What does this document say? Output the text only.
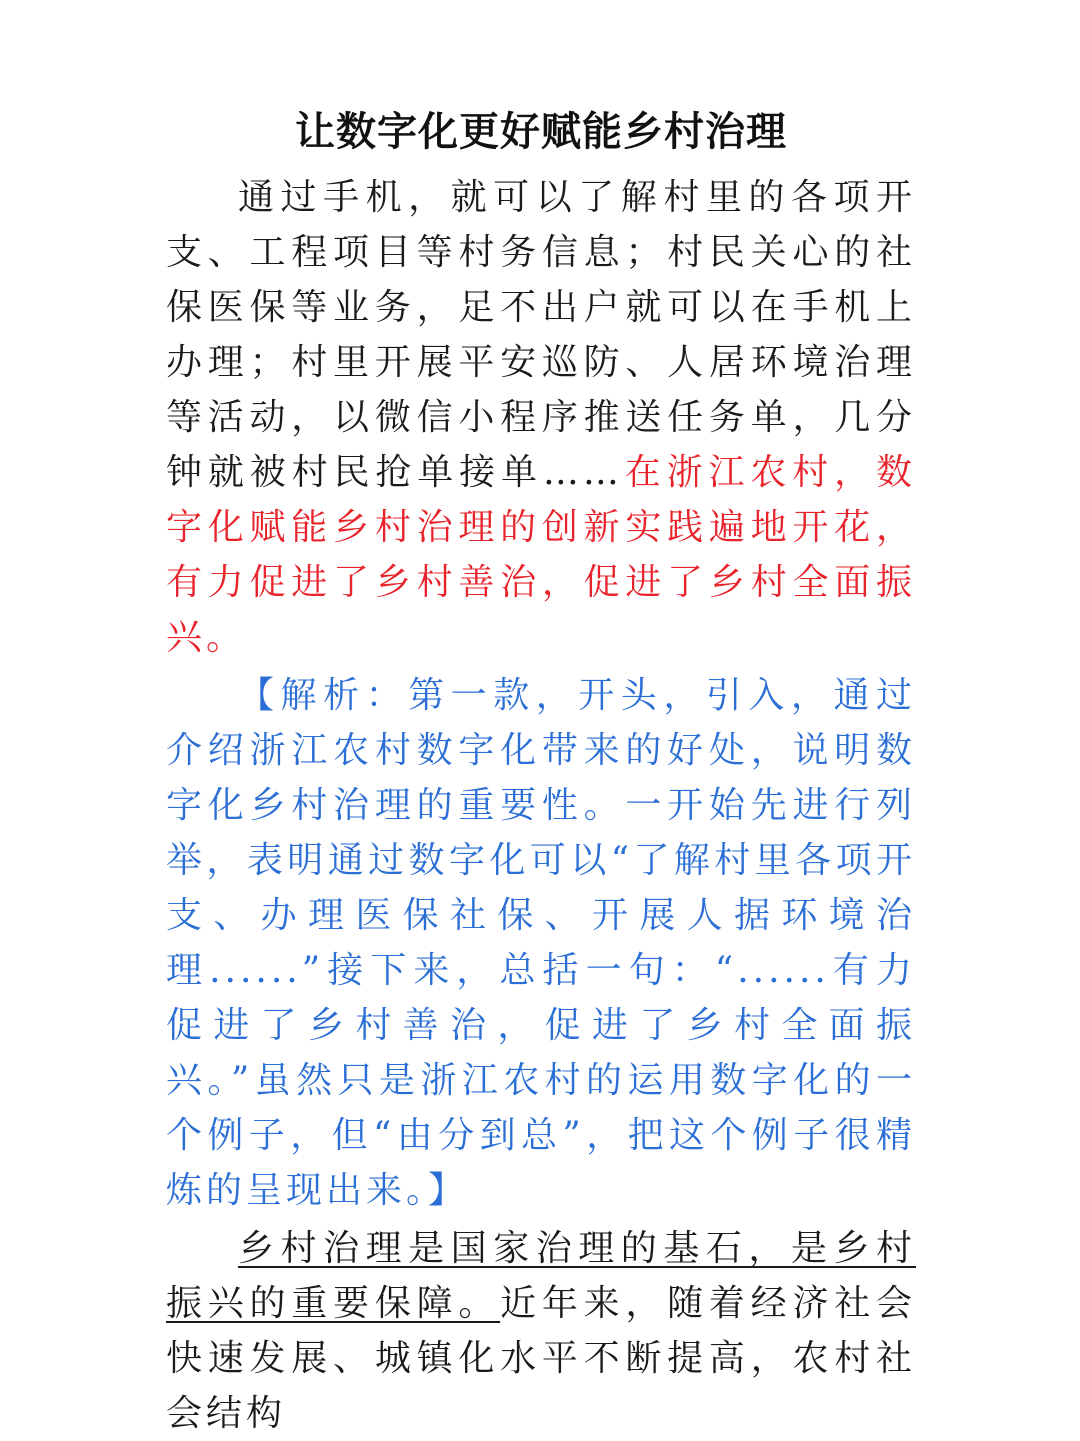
让数字化更好赋能乡村治理

通过手机，就可以了解村里的各项开支、工程项目等村务信息；村民关心的社保医保等业务，足不出户就可以在手机上办理；村里开展平安巡防、人居环境治理等活动，以微信小程序推送任务单，几分钟就被村民抢单接单……在浙江农村，数字化赋能乡村治理的创新实践遍地开花，有力促进了乡村善治，促进了乡村全面振兴。

【解析：第一款，开头，引入，通过介绍浙江农村数字化带来的好处，说明数字化乡村治理的重要性。一开始先进行列举，表明通过数字化可以“了解村里各项开支、办理医保社保、开展人据环境治理......”接下来，总括一句：“......有力促进了乡村善治，促进了乡村全面振兴。”虽然只是浙江农村的运用数字化的一个例子，但“由分到总”，把这个例子很精炼的呈现出来。】

乡村治理是国家治理的基石，是乡村振兴的重要保障。近年来，随着经济社会快速发展、城镇化水平不断提高，农村社会结构
